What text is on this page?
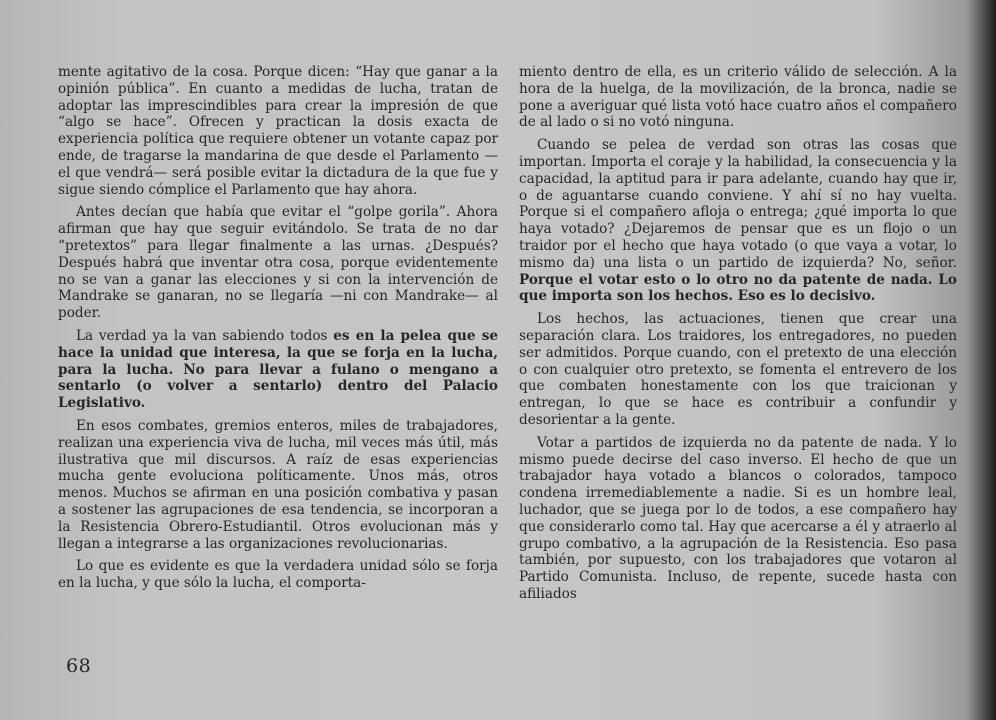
mente agitativo de la cosa. Porque dicen: “Hay que ganar a la opinión pública”. En cuanto a medidas de lucha, tratan de adoptar las imprescindibles para crear la impresión de que “algo se hace”. Ofrecen y practican la dosis exacta de experiencia política que requiere obtener un votante capaz por ende, de tragarse la mandarina de que desde el Parlamento —el que vendrá— será posible evitar la dictadura de la que fue y sigue siendo cómplice el Parlamento que hay ahora.

Antes decían que había que evitar el “golpe gorila”. Ahora afirman que hay que seguir evitándolo. Se trata de no dar “pretextos” para llegar finalmente a las urnas. ¿Después? Después habrá que inventar otra cosa, porque evidentemente no se van a ganar las elecciones y si con la intervención de Mandrake se ganaran, no se llegaría —ni con Mandrake— al poder.

La verdad ya la van sabiendo todos es en la pelea que se hace la unidad que interesa, la que se forja en la lucha, para la lucha. No para llevar a fulano o mengano a sentarlo (o volver a sentarlo) dentro del Palacio Legislativo.

En esos combates, gremios enteros, miles de trabajadores, realizan una experiencia viva de lucha, mil veces más útil, más ilustrativa que mil discursos. A raíz de esas experiencias mucha gente evoluciona políticamente. Unos más, otros menos. Muchos se afirman en una posición combativa y pasan a sostener las agrupaciones de esa tendencia, se incorporan a la Resistencia Obrero-Estudiantil. Otros evolucionan más y llegan a integrarse a las organizaciones revolucionarias.

Lo que es evidente es que la verdadera unidad sólo se forja en la lucha, y que sólo la lucha, el comporta-

miento dentro de ella, es un criterio válido de selección. A la hora de la huelga, de la movilización, de la bronca, nadie se pone a averiguar qué lista votó hace cuatro años el compañero de al lado o si no votó ninguna.

Cuando se pelea de verdad son otras las cosas que importan. Importa el coraje y la habilidad, la consecuencia y la capacidad, la aptitud para ir para adelante, cuando hay que ir, o de aguantarse cuando conviene. Y ahí sí no hay vuelta. Porque si el compañero afloja o entrega; ¿qué importa lo que haya votado? ¿Dejaremos de pensar que es un flojo o un traidor por el hecho que haya votado (o que vaya a votar, lo mismo da) una lista o un partido de izquierda? No, señor. Porque el votar esto o lo otro no da patente de nada. Lo que importa son los hechos. Eso es lo decisivo.

Los hechos, las actuaciones, tienen que crear una separación clara. Los traidores, los entregadores, no pueden ser admitidos. Porque cuando, con el pretexto de una elección o con cualquier otro pretexto, se fomenta el entrevero de los que combaten honestamente con los que traicionan y entregan, lo que se hace es contribuir a confundir y desorientar a la gente.

Votar a partidos de izquierda no da patente de nada. Y lo mismo puede decirse del caso inverso. El hecho de que un trabajador haya votado a blancos o colorados, tampoco condena irremediablemente a nadie. Si es un hombre leal, luchador, que se juega por lo de todos, a ese compañero hay que considerarlo como tal. Hay que acercarse a él y atraerlo al grupo combativo, a la agrupación de la Resistencia. Eso pasa también, por supuesto, con los trabajadores que votaron al Partido Comunista. Incluso, de repente, sucede hasta con afiliados

68
